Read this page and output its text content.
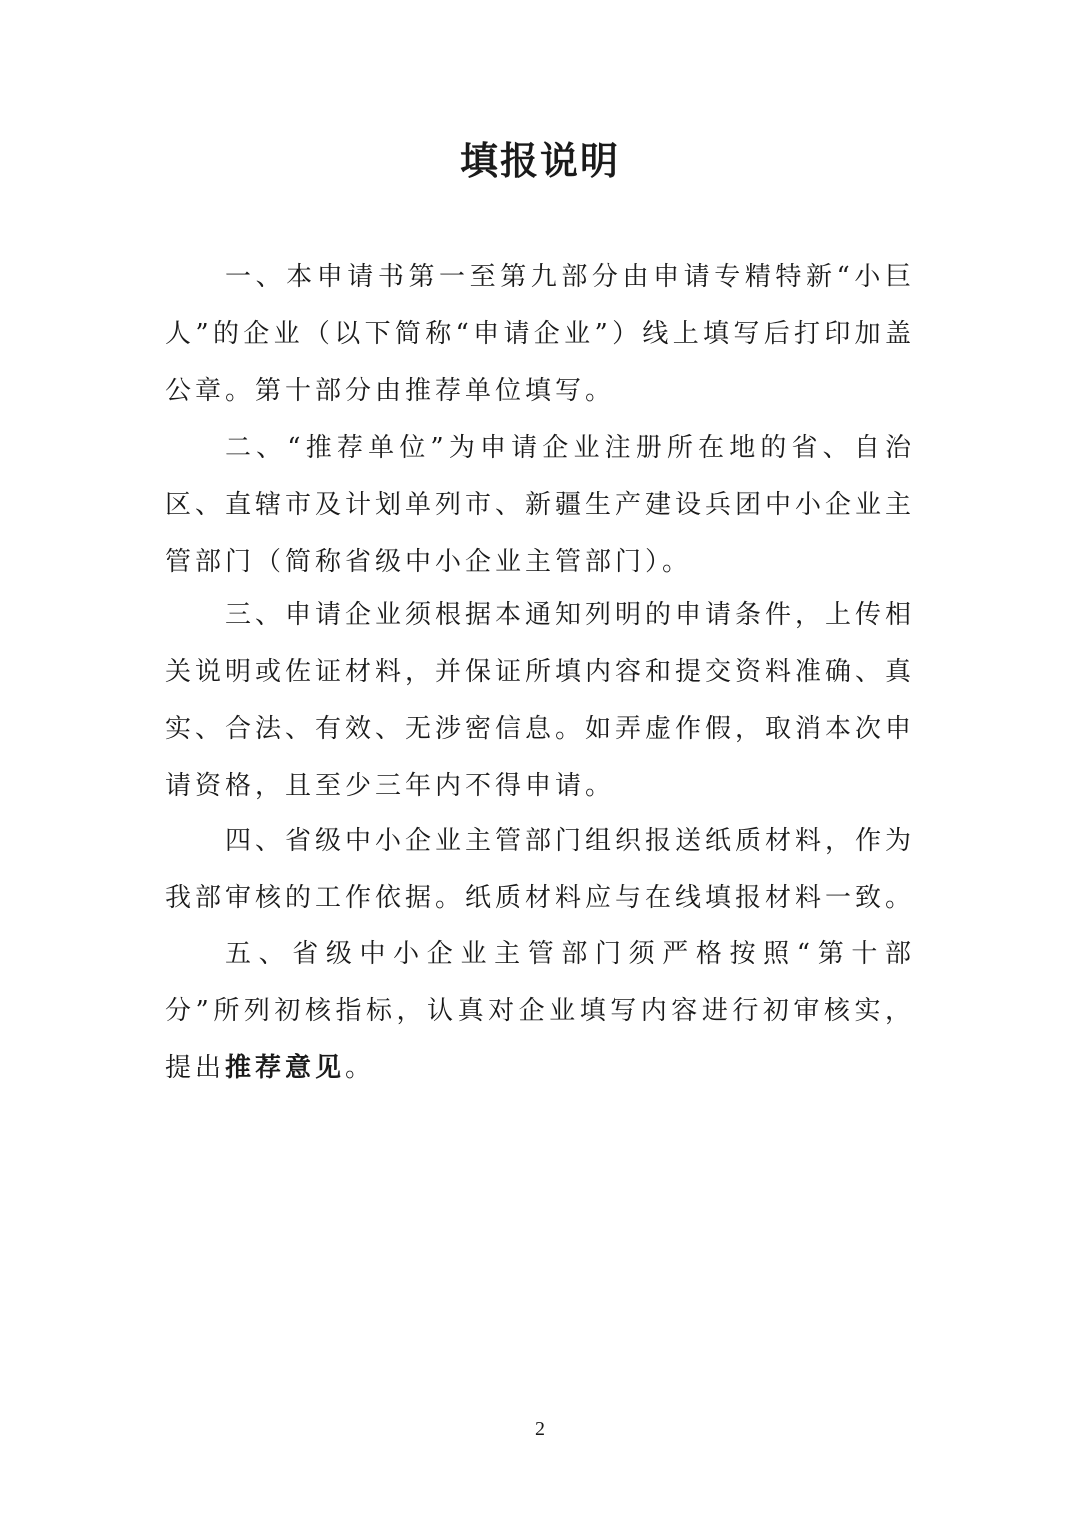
填报说明

一、本申请书第一至第九部分由申请专精特新“小巨人”的企业（以下简称“申请企业”）线上填写后打印加盖公章。第十部分由推荐单位填写。

二、“推荐单位”为申请企业注册所在地的省、自治区、直辖市及计划单列市、新疆生产建设兵团中小企业主管部门（简称省级中小企业主管部门）。

三、申请企业须根据本通知列明的申请条件，上传相关说明或佐证材料，并保证所填内容和提交资料准确、真实、合法、有效、无涉密信息。如弄虚作假，取消本次申请资格，且至少三年内不得申请。

四、省级中小企业主管部门组织报送纸质材料，作为我部审核的工作依据。纸质材料应与在线填报材料一致。

五、省级中小企业主管部门须严格按照“第十部分”所列初核指标，认真对企业填写内容进行初审核实，提出推荐意见。

2
